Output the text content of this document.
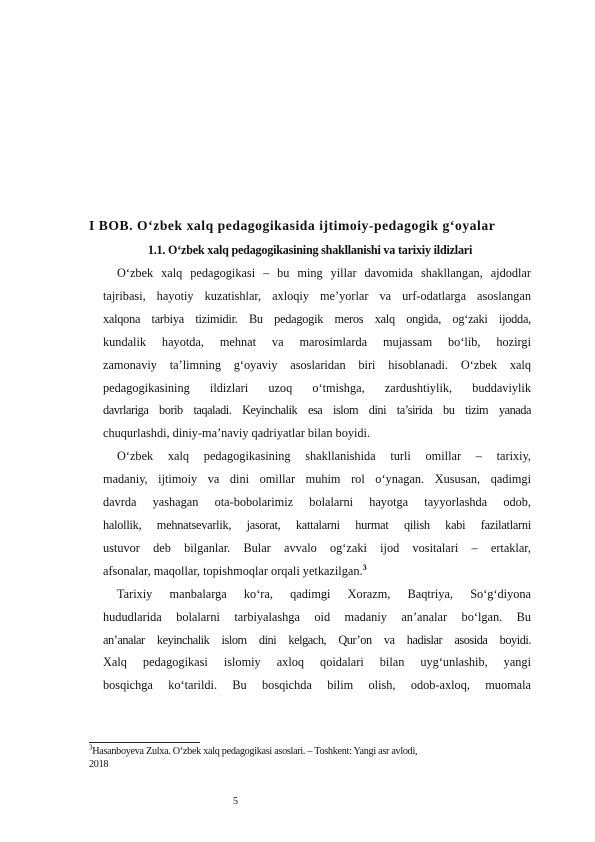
I BOB. O‘zbek xalq pedagogikasida ijtimoiy-pedagogik g‘oyalar
1.1. O‘zbek xalq pedagogikasining shakllanishi va tarixiy ildizlari
O‘zbek xalq pedagogikasi – bu ming yillar davomida shakllangan, ajdodlar
tajribasi, hayotiy kuzatishlar, axloqiy me’yorlar va urf-odatlarga asoslangan
xalqona tarbiya tizimidir. Bu pedagogik meros xalq ongida, og‘zaki ijodda,
kundalik hayotda, mehnat va marosimlarda mujassam bo‘lib, hozirgi
zamonaviy ta’limning g‘oyaviy asoslaridan biri hisoblanadi. O‘zbek xalq
pedagogikasining ildizlari uzoq o‘tmishga, zardushtiylik, buddaviylik
davrlariga borib taqaladi. Keyinchalik esa islom dini ta’sirida bu tizim yanada
chuqurlashdi, diniy-ma’naviy qadriyatlar bilan boyidi.
O‘zbek xalq pedagogikasining shakllanishida turli omillar – tarixiy,
madaniy, ijtimoiy va dini omillar muhim rol o‘ynagan. Xususan, qadimgi
davrda yashagan ota-bobolarimiz bolalarni hayotga tayyorlashda odob,
halollik, mehnatsevarlik, jasorat, kattalarni hurmat qilish kabi fazilatlarni
ustuvor deb bilganlar. Bular avvalo og‘zaki ijod vositalari – ertaklar,
afsonalar, maqollar, topishmoqlar orqali yetkazilgan.$^3$
Tarixiy manbalarga ko‘ra, qadimgi Xorazm, Baqtriya, So‘g‘diyona
hududlarida bolalarni tarbiyalashga oid madaniy an’analar bo‘lgan. Bu
an’analar keyinchalik islom dini kelgach, Qur’on va hadislar asosida boyidi.
Xalq pedagogikasi islomiy axloq qoidalari bilan uyg‘unlashib, yangi
bosqichga ko‘tarildi. Bu bosqichda bilim olish, odob-axloq, muomala
$^3$Hasanboyeva Zulxa. O‘zbek xalq pedagogikasi asoslari. – Toshkent: Yangi asr avlodi,
2018
5
